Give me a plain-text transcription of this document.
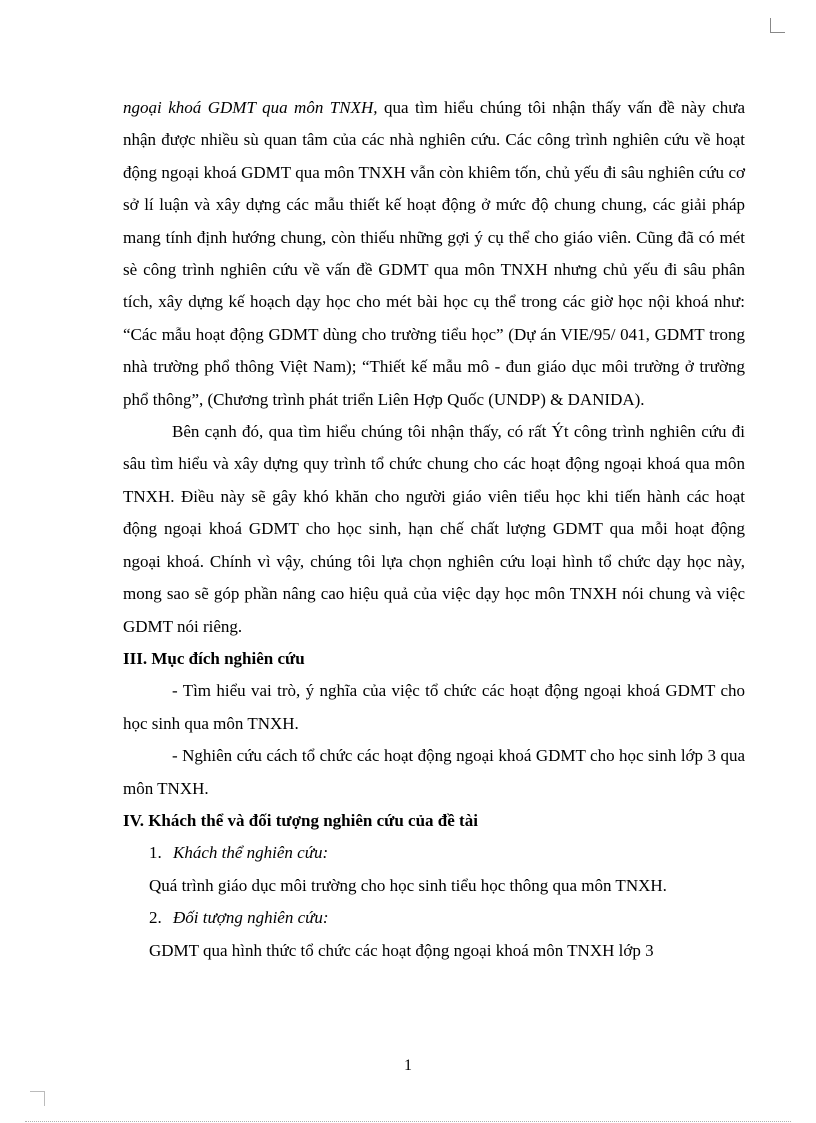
ngoại khoá GDMT qua môn TNXH, qua tìm hiểu chúng tôi nhận thấy vấn đề này chưa nhận được nhiều sù quan tâm của các nhà nghiên cứu. Các công trình nghiên cứu về hoạt động ngoại khoá GDMT qua môn TNXH vẫn còn khiêm tốn, chủ yếu đi sâu nghiên cứu cơ sở lí luận và xây dựng các mẫu thiết kế hoạt động ở mức độ chung chung, các giải pháp mang tính định hướng chung, còn thiếu những gợi ý cụ thể cho giáo viên. Cũng đã có mét sè công trình nghiên cứu về vấn đề GDMT qua môn TNXH nhưng chủ yếu đi sâu phân tích, xây dựng kế hoạch dạy học cho mét bài học cụ thể trong các giờ học nội khoá như: “Các mẫu hoạt động GDMT dùng cho trường tiểu học” (Dự án VIE/95/ 041, GDMT trong nhà trường phổ thông Việt Nam); “Thiết kế mẫu mô - đun giáo dục môi trường ở trường phổ thông”, (Chương trình phát triển Liên Hợp Quốc (UNDP) & DANIDA).

Bên cạnh đó, qua tìm hiểu chúng tôi nhận thấy, có rất Ýt công trình nghiên cứu đi sâu tìm hiểu và xây dựng quy trình tổ chức chung cho các hoạt động ngoại khoá qua môn TNXH. Điều này sẽ gây khó khăn cho người giáo viên tiểu học khi tiến hành các hoạt động ngoại khoá GDMT cho học sinh, hạn chế chất lượng GDMT qua mỗi hoạt động ngoại khoá. Chính vì vậy, chúng tôi lựa chọn nghiên cứu loại hình tổ chức dạy học này, mong sao sẽ góp phần nâng cao hiệu quả của việc dạy học môn TNXH nói chung và việc GDMT nói riêng.

III. Mục đích nghiên cứu

- Tìm hiểu vai trò, ý nghĩa của việc tổ chức các hoạt động ngoại khoá GDMT cho học sinh qua môn TNXH.

- Nghiên cứu cách tổ chức các hoạt động ngoại khoá GDMT cho học sinh lớp 3 qua môn TNXH.

IV. Khách thể và đối tượng nghiên cứu của đề tài

1. Khách thể nghiên cứu:

Quá trình giáo dục môi trường cho học sinh tiểu học thông qua môn TNXH.

2. Đối tượng nghiên cứu:

GDMT qua hình thức tổ chức các hoạt động ngoại khoá môn TNXH lớp 3

1
